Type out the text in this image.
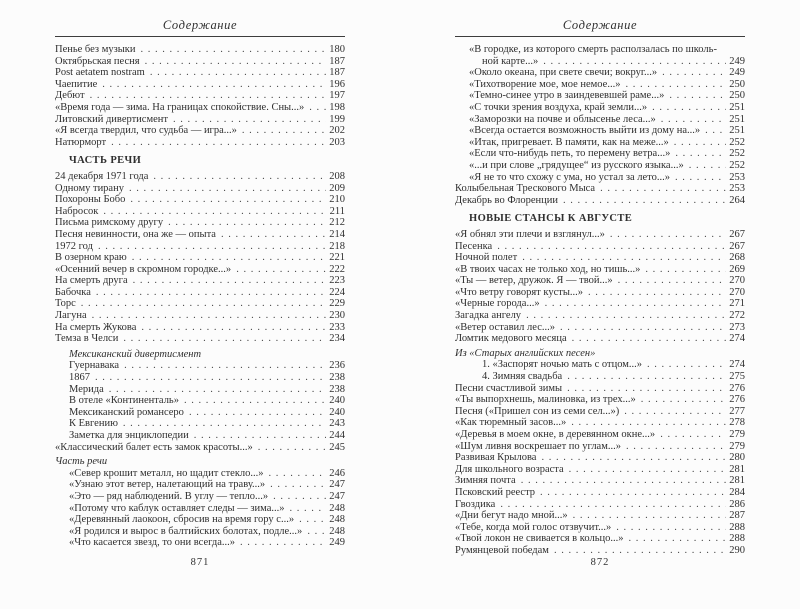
Содержание
Пенье без музыки . . .	180
Октябрьская песня . . .	187
Post aetatem nostram . . .	187
Чаепитие . . .	196
Дебют . . .	197
«Время года — зима. На границах спокойствие. Сны...» . . . 198
Литовский дивертисмент . . .	199
«Я всегда твердил, что судьба — игра...» . . .	202
Натюрморт . . .	203
ЧАСТЬ РЕЧИ
24 декабря 1971 года . . .	208
Одному тирану . . .	209
Похороны Бобо . . .	210
Набросок . . .	211
Письма римскому другу . . .	212
Песня невинности, она же — опыта . . .	214
1972 год . . .	218
В озерном краю . . .	221
«Осенний вечер в скромном городке...» . . .	222
На смерть друга . . .	223
Бабочка . . .	224
Торс . . .	229
Лагуна . . .	230
На смерть Жукова . . .	233
Темза в Челси . . .	234
Мексиканский дивертисмент
Гуернавака . . .	236
1867 . . .	238
Мерида . . .	238
В отеле «Континенталь» . . .	240
Мексиканский романсеро . . .	240
К Евгению . . .	243
Заметка для энциклопедии . . .	244
«Классический балет есть замок красоты...» . . .	245
Часть речи
«Север крошит металл, но щадит стекло...» . . .	246
«Узнаю этот ветер, налетающий на траву...» . . .	247
«Это — ряд наблюдений. В углу — тепло...» . . .	247
«Потому что каблук оставляет следы — зима...» . . .	248
«Деревянный лаокоон, сбросив на время гору с...» . . .	248
«Я родился и вырос в балтийских болотах, подле...» . . .	248
«Что касается звезд, то они всегда...» . . .	249
871
Содержание
«В городке, из которого смерть расползалась по школь-
ной карте...» . . .	249
«Около океана, при свете свечи; вокруг...» . . .	249
«Тихотворение мое, мое немое...» . . .	250
«Темно-синее утро в заиндевевшей раме...» . . .	250
«С точки зрения воздуха, край земли...» . . .	251
«Заморозки на почве и облысенье леса...» . . .	251
«Всегда остается возможность выйти из дому на...» . . .	251
«Итак, пригревает. В памяти, как на меже...» . . .	252
«Если что-нибудь петь, то перемену ветра...» . . .	252
«...и при слове „грядущее“ из русского языка...» . . .	252
«Я не то что схожу с ума, но устал за лето...» . . .	253
Колыбельная Трескового Мыса . . .	253
Декабрь во Флоренции . . .	264
НОВЫЕ СТАНСЫ К АВГУСТЕ
«Я обнял эти плечи и взглянул...» . . .	267
Песенка . . .	267
Ночной полет . . .	268
«В твоих часах не только ход, но тишь...» . . .	269
«Ты — ветер, дружок. Я — твой...» . . .	270
«Что ветру говорят кусты...» . . .	270
«Черные города...» . . .	271
Загадка ангелу . . .	272
«Ветер оставил лес...» . . .	273
Ломтик медового месяца . . .	274
Из «Старых английских песен»
1. «Заспорят ночью мать с отцом...» . . .	274
4. Зимняя свадьба . . .	275
Песни счастливой зимы . . .	276
«Ты выпорхнешь, малиновка, из трех...» . . .	276
Песня («Пришел сон из семи сел...») . . .	277
«Как тюремный засов...» . . .	278
«Деревья в моем окне, в деревянном окне...» . . .	279
«Шум ливня воскрешает по углам...» . . .	279
Развивая Крылова . . .	280
Для школьного возраста . . .	281
Зимняя почта . . .	281
Псковский реестр . . .	284
Гвоздика . . .	286
«Дни бегут надо мной...» . . .	287
«Тебе, когда мой голос отзвучит...» . . .	288
«Твой локон не свивается в кольцо...» . . .	288
Румянцевой победам . . .	290
872
